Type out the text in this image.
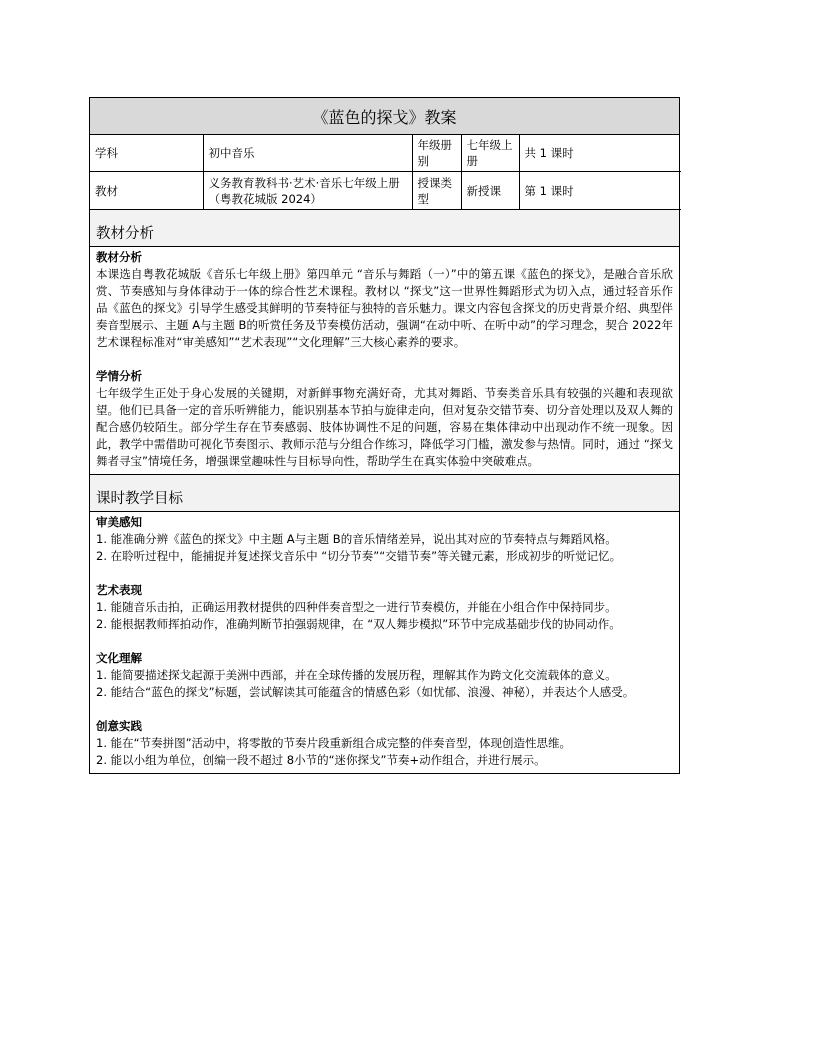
《蓝色的探戈》教案
学科	初中音乐	年级册别	七年级上册	共 1 课时
教材	义务教育教科书·艺术·音乐七年级上册（粤教花城版 2024）	授课类型	新授课	第 1 课时
教材分析
教材分析
本课选自粤教花城版《音乐七年级上册》第四单元 “音乐与舞蹈（一）”中的第五课《蓝色的探戈》，是融合音乐欣赏、节奏感知与身体律动于一体的综合性艺术课程。教材以 “探戈”这一世界性舞蹈形式为切入点，通过轻音乐作品《蓝色的探戈》引导学生感受其鲜明的节奏特征与独特的音乐魅力。课文内容包含探戈的历史背景介绍、典型伴奏音型展示、主题 A与主题 B的听赏任务及节奏模仿活动，强调“在动中听、在听中动”的学习理念，契合 2022年艺术课程标准对“审美感知”“艺术表现”“文化理解”三大核心素养的要求。
学情分析
七年级学生正处于身心发展的关键期，对新鲜事物充满好奇，尤其对舞蹈、节奏类音乐具有较强的兴趣和表现欲望。他们已具备一定的音乐听辨能力，能识别基本节拍与旋律走向，但对复杂交错节奏、切分音处理以及双人舞的配合感仍较陌生。部分学生存在节奏感弱、肢体协调性不足的问题，容易在集体律动中出现动作不统一现象。因此，教学中需借助可视化节奏图示、教师示范与分组合作练习，降低学习门槛，激发参与热情。同时，通过 “探戈舞者寻宝”情境任务，增强课堂趣味性与目标导向性，帮助学生在真实体验中突破难点。
课时教学目标
审美感知
1. 能准确分辨《蓝色的探戈》中主题 A与主题 B的音乐情绪差异，说出其对应的节奏特点与舞蹈风格。
2. 在聆听过程中，能捕捉并复述探戈音乐中 “切分节奏”“交错节奏”等关键元素，形成初步的听觉记忆。
艺术表现
1. 能随音乐击拍，正确运用教材提供的四种伴奏音型之一进行节奏模仿，并能在小组合作中保持同步。
2. 能根据教师挥拍动作，准确判断节拍强弱规律，在 “双人舞步模拟”环节中完成基础步伐的协同动作。
文化理解
1. 能简要描述探戈起源于美洲中西部，并在全球传播的发展历程，理解其作为跨文化交流载体的意义。
2. 能结合“蓝色的探戈”标题，尝试解读其可能蕴含的情感色彩（如忧郁、浪漫、神秘），并表达个人感受。
创意实践
1. 能在“节奏拼图”活动中，将零散的节奏片段重新组合成完整的伴奏音型，体现创造性思维。
2. 能以小组为单位，创编一段不超过 8小节的“迷你探戈”节奏+动作组合，并进行展示。
